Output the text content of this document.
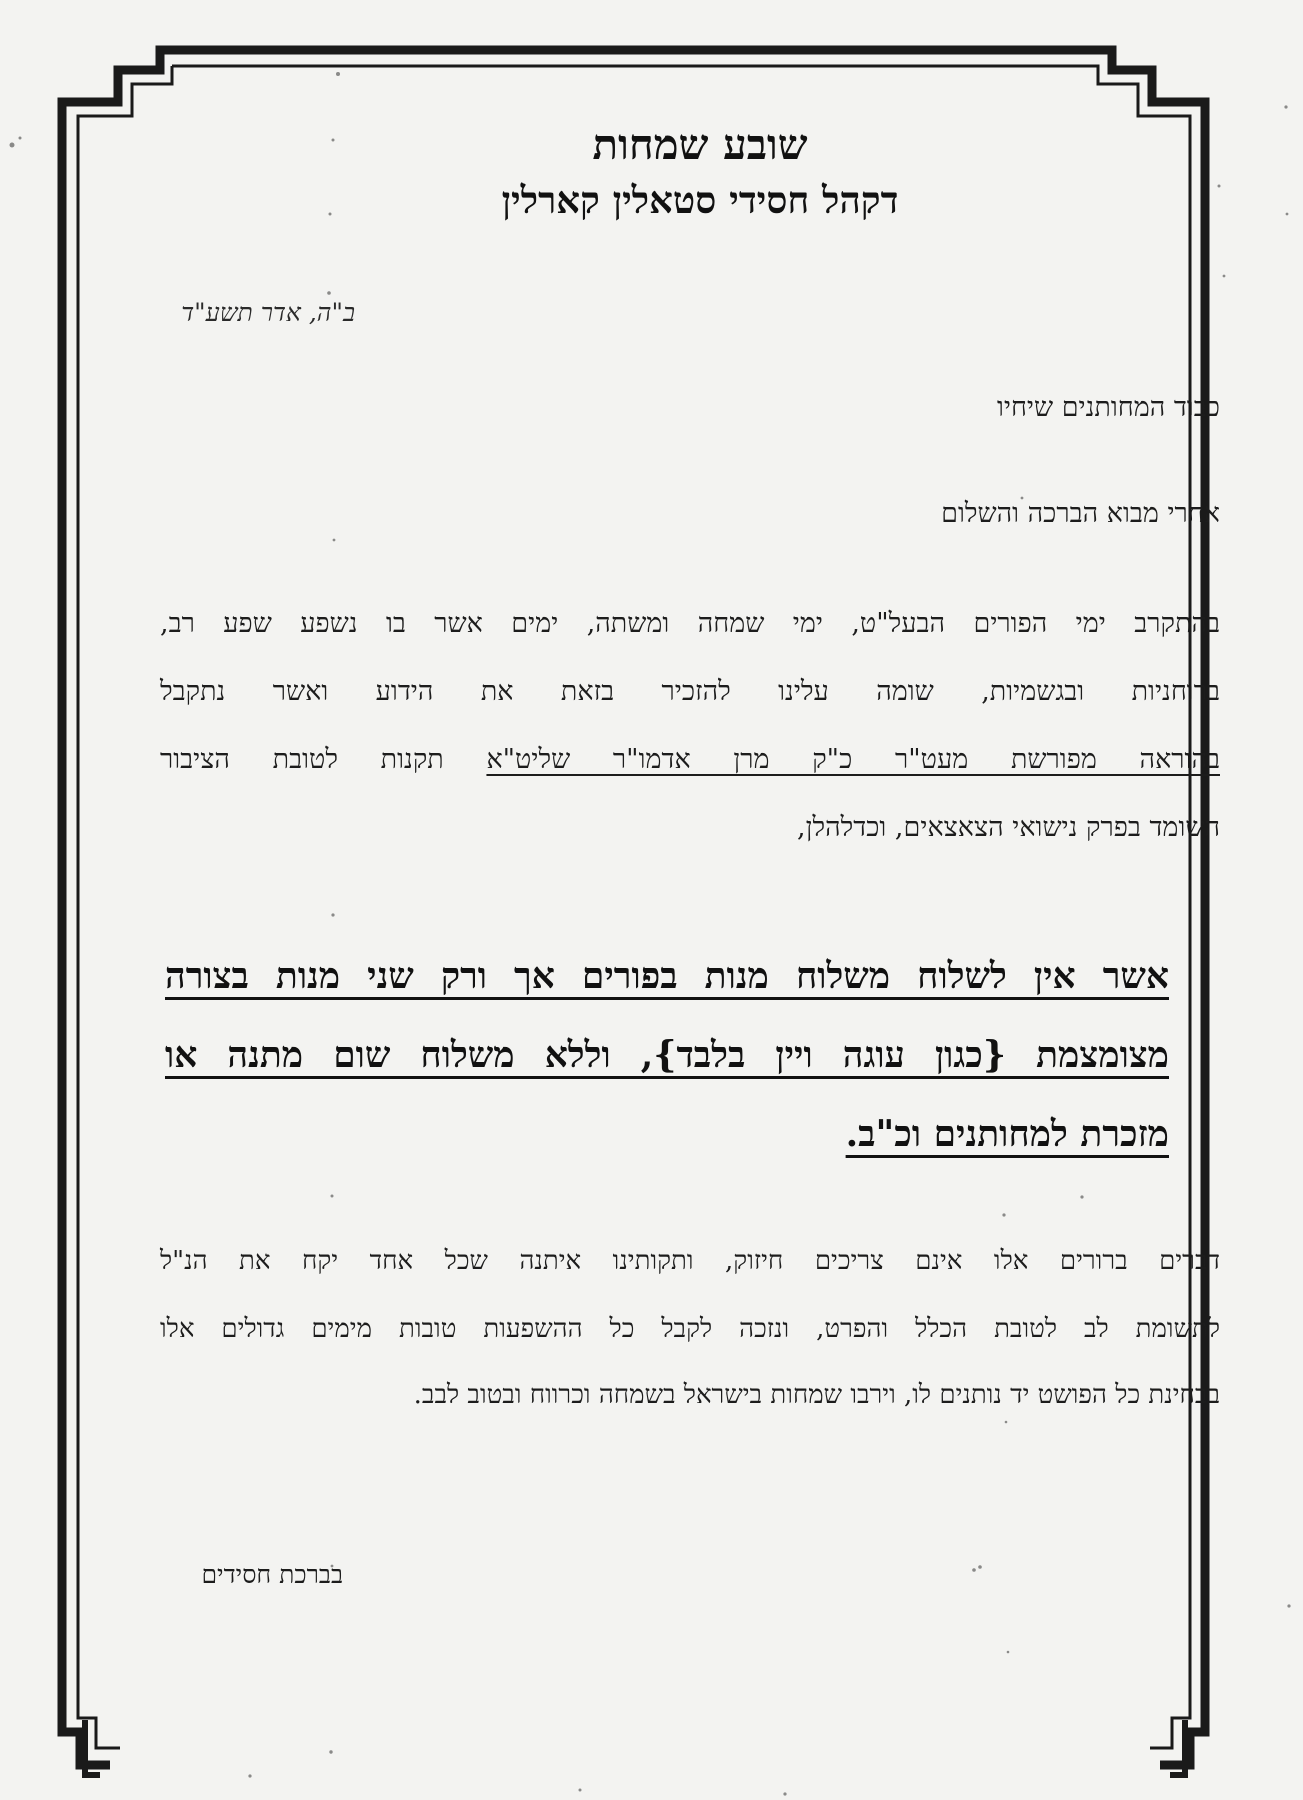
שובע שמחות
דקהל חסידי סטאלין קארלין

ב"ה, אדר תשע"ד

כבוד המחותנים שיחיו

אחרי מבוא הברכה והשלום

בהתקרב ימי הפורים הבעל"ט, ימי שמחה ומשתה, ימים אשר בו נשפע שפע רב,

ברוחניות ובגשמיות, שומה עלינו להזכיר בזאת את הידוע ואשר נתקבל

בהוראה מפורשת מעט"ר כ"ק מרן אדמו"ר שליט"א תקנות לטובת הציבור

השומד בפרק נישואי הצאצאים, וכדלהלן,

אשר אין לשלוח משלוח מנות בפורים אך ורק שני מנות בצורה

מצומצמת {כגון עוגה ויין בלבד}, וללא משלוח שום מתנה או

מזכרת למחותנים וכ"ב.

דברים ברורים אלו אינם צריכים חיזוק, ותקותינו איתנה שכל אחד יקח את הנ"ל

לתשומת לב לטובת הכלל והפרט, ונזכה לקבל כל ההשפעות טובות מימים גדולים אלו

בבחינת כל הפושט יד נותנים לו, וירבו שמחות בישראל בשמחה וכרווח ובטוב לבב.

בברכת חסידים
